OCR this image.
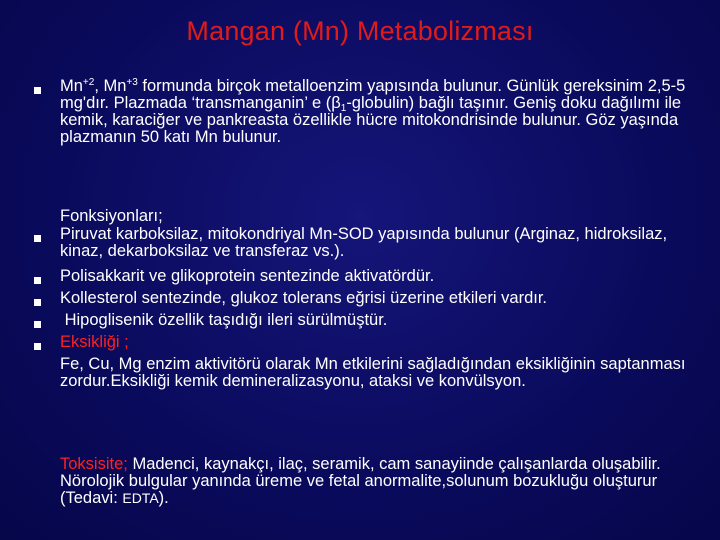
Mangan (Mn) Metabolizması
$Mn^{+2}$, $Mn^{+3}$ formunda birçok metalloenzim yapısında bulunur. Günlük gereksinim 2,5-5 mg'dır. Plazmada ‘transmanganin’ e $(\beta_1-globulin)$ bağlı taşınır. Geniş doku dağılımı ile kemik, karaciğer ve pankreasta özellikle hücre mitokondrisinde bulunur. Göz yaşında plazmanın 50 katı Mn bulunur.
Fonksiyonları;
Piruvat karboksilaz, mitokondriyal Mn-SOD yapısında bulunur (Arginaz, hidroksilaz, kinaz, dekarboksilaz ve transferaz vs.).
Polisakkarit ve glikoprotein sentezinde aktivatördür.
Kollesterol sentezinde, glukoz tolerans eğrisi üzerine etkileri vardır.
Hipoglisenik özellik taşıdığı ileri sürülmüştür.
Eksikliği ;
Fe, Cu, Mg enzim aktivitörü olarak Mn etkilerini sağladığından eksikliğinin saptanması zordur.Eksikliği kemik demineralizasyonu, ataksi ve konvülsyon.
Toksisite; Madenci, kaynakçı, ilaç, seramik, cam sanayiinde çalışanlarda oluşabilir. Nörolojik bulgular yanında üreme ve fetal anormalite,solunum bozukluğu oluşturur (Tedavi: EDTA).
